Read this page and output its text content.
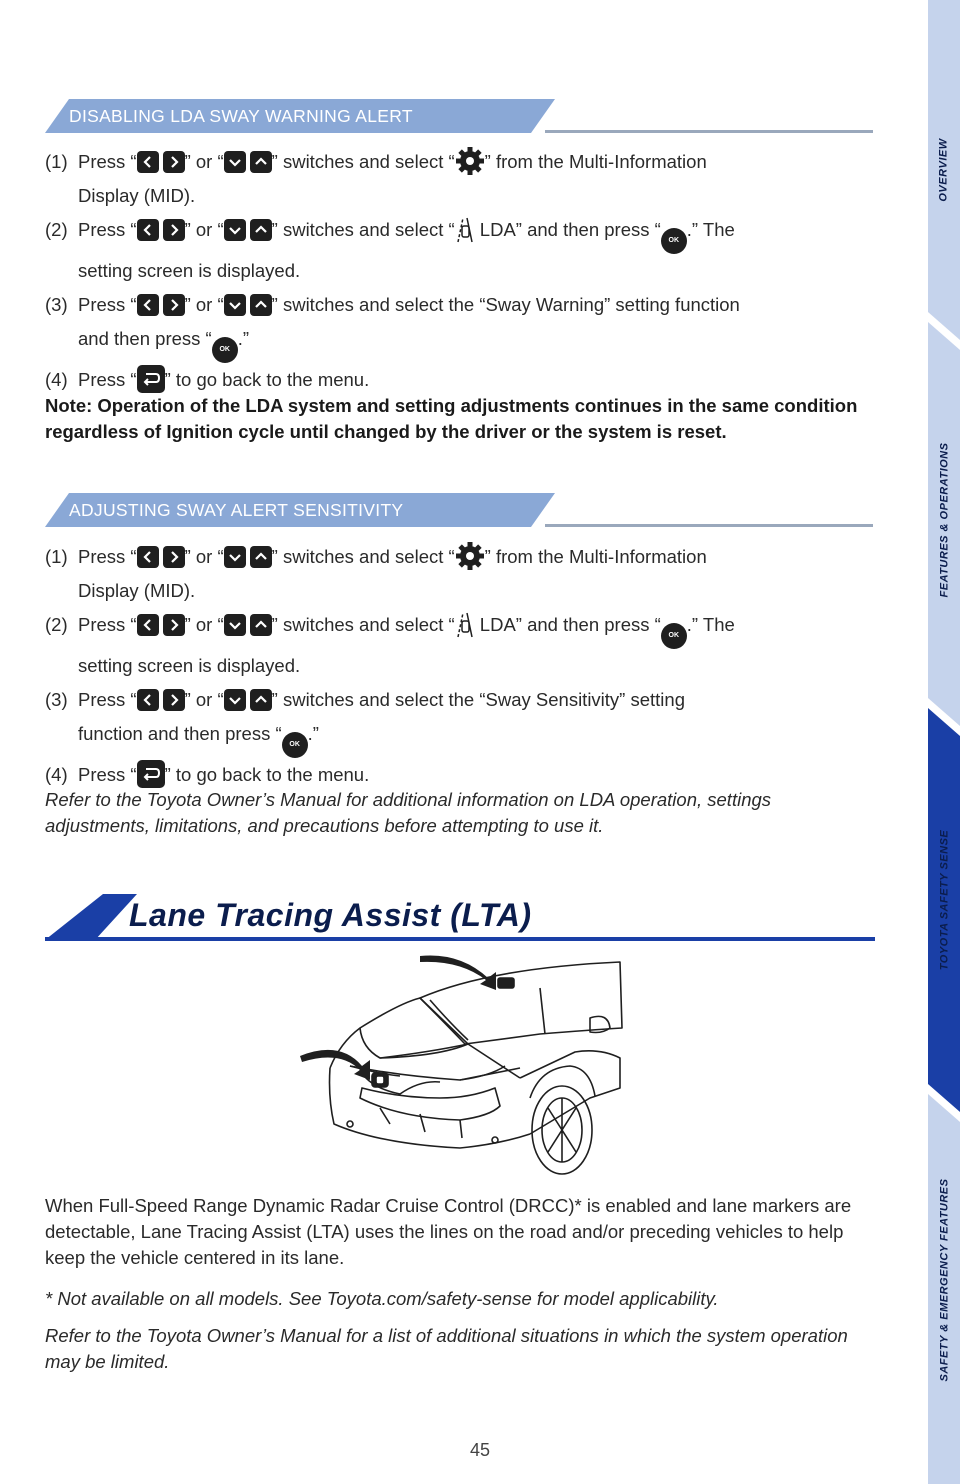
OVERVIEW
FEATURES & OPERATIONS
TOYOTA SAFETY SENSE
SAFETY & EMERGENCY FEATURES
DISABLING LDA SWAY WARNING ALERT
(1) Press “	” or “	” switches and select “ ” from the Multi-Information
Display (MID).
(2) Press “	” or “	” switches and select “ LDA” and then press “OK.” The
setting screen is displayed.
(3) Press “	” or “	” switches and select the “Sway Warning” setting function
and then press “OK.”
(4) Press “ ” to go back to the menu.
Note: Operation of the LDA system and setting adjustments continues in the same condition regardless of Ignition cycle until changed by the driver or the system is reset.
ADJUSTING SWAY ALERT SENSITIVITY
(1) Press “	” or “	” switches and select “ ” from the Multi-Information
Display (MID).
(2) Press “	” or “	” switches and select “ LDA” and then press “OK.” The
setting screen is displayed.
(3) Press “	” or “	” switches and select the “Sway Sensitivity” setting
function and then press “OK.”
(4) Press “ ” to go back to the menu.
Refer to the Toyota Owner’s Manual for additional information on LDA operation, settings adjustments, limitations, and precautions before attempting to use it.
Lane Tracing Assist (LTA)
When Full-Speed Range Dynamic Radar Cruise Control (DRCC)* is enabled and lane markers are detectable, Lane Tracing Assist (LTA) uses the lines on the road and/or preceding vehicles to help keep the vehicle centered in its lane.
* Not available on all models. See Toyota.com/safety-sense for model applicability.
Refer to the Toyota Owner’s Manual for a list of additional situations in which the system operation may be limited.
45
